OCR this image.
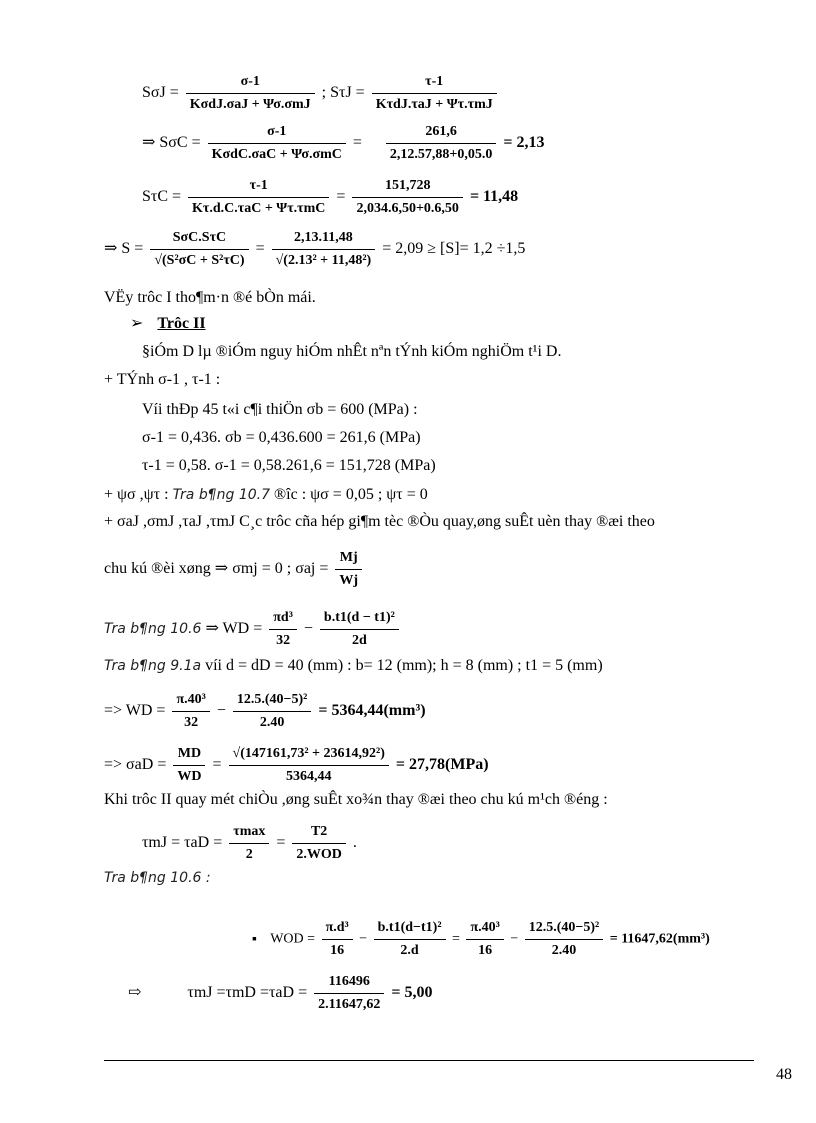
$S\sigma J = \frac{\sigma-1}{\text{KσdJ.σaJ + Ψσ.σmJ}}$ ; $S\tau J = \frac{\tau-1}{\text{KτdJ.τaJ + Ψτ.τmJ}}$
⇒ $S\sigma C = \frac{\sigma-1}{\text{KσdC.σaC + Ψσ.σmC}} = \frac{261,6}{2,12.57,88+0,05.0} = 2,13$
$S\tau C = \frac{\tau-1}{\text{Kτ.d.C.τaC + Ψτ.τmC}} = \frac{151,728}{2,034.6,50+0.6,50} = 11,48$
⇒ $S = \frac{\text{SσC.SτC}}{\text{√(S²σC + S²τC)}} = \frac{2,13.11,48}{\text{√(2.13² + 11,48²)}} = 2,09 \ge [S]= 1,2 \div 1,5$
VËy trôc I tho¶m·n ®é bÒn mái.
➢ Trôc II
§iÓm D lµ ®iÓm nguy hiÓm nhÊt nªn tÝnh kiÓm nghiÖm t¹i D.
+ TÝnh σ-1 , τ-1 :
Víi thÐp 45 t«i c¶i thiÖn σb = 600 (MPa) :
σ-1 = 0,436. σb = 0,436.600 = 261,6 (MPa)
τ-1 = 0,58. σ-1 = 0,58.261,6 = 151,728 (MPa)
+ ψσ ,ψτ : Tra b¶ng 10.7 ®îc : ψσ = 0,05 ; ψτ = 0
+ σaJ ,σmJ ,τaJ ,τmJ C¸c trôc cña hép gi¶m tèc ®Òu quay,øng suÊt uèn thay ®æi theo
chu kú ®èi xøng ⇒ σmj = 0 ; $\sigma aj = \frac{Mj}{Wj}$
Tra b¶ng 10.6 ⇒ WD = $\frac{\text{πd³}}{32} - \frac{\text{b.t1(d − t1)²}}{2d}$
Tra b¶ng 9.1a víi d = dD = 40 (mm) : b= 12 (mm); h = 8 (mm) ; t1 = 5 (mm)
=> WD = $\frac{\text{π.40³}}{32} - \frac{\text{12.5.(40−5)²}}{2.40} = 5364,44(mm^3)$
=> $\sigma aD = \frac{MD}{WD} = \frac{\text{√(147161,73² + 23614,92²)}}{5364,44} = 27,78(MPa)$
Khi trôc II quay mét chiÒu ,øng suÊt xo¾n thay ®æi theo chu kú m¹ch ®éng :
$\tau mJ = \tau aD = \frac{\tau\max}{2} = \frac{T2}{\text{2.WOD}}$ .
Tra b¶ng 10.6 :
▪ WOD = $\frac{\text{π.d³}}{16} - \frac{\text{b.t1(d−t1)²}}{2.d} = \frac{\text{π.40³}}{16} - \frac{\text{12.5.(40−5)²}}{2.40} = 11647,62(mm^3)$
⇨	$\tau mJ =\tau mD =\tau aD = \frac{116496}{2.11647,62} = 5,00$
48
